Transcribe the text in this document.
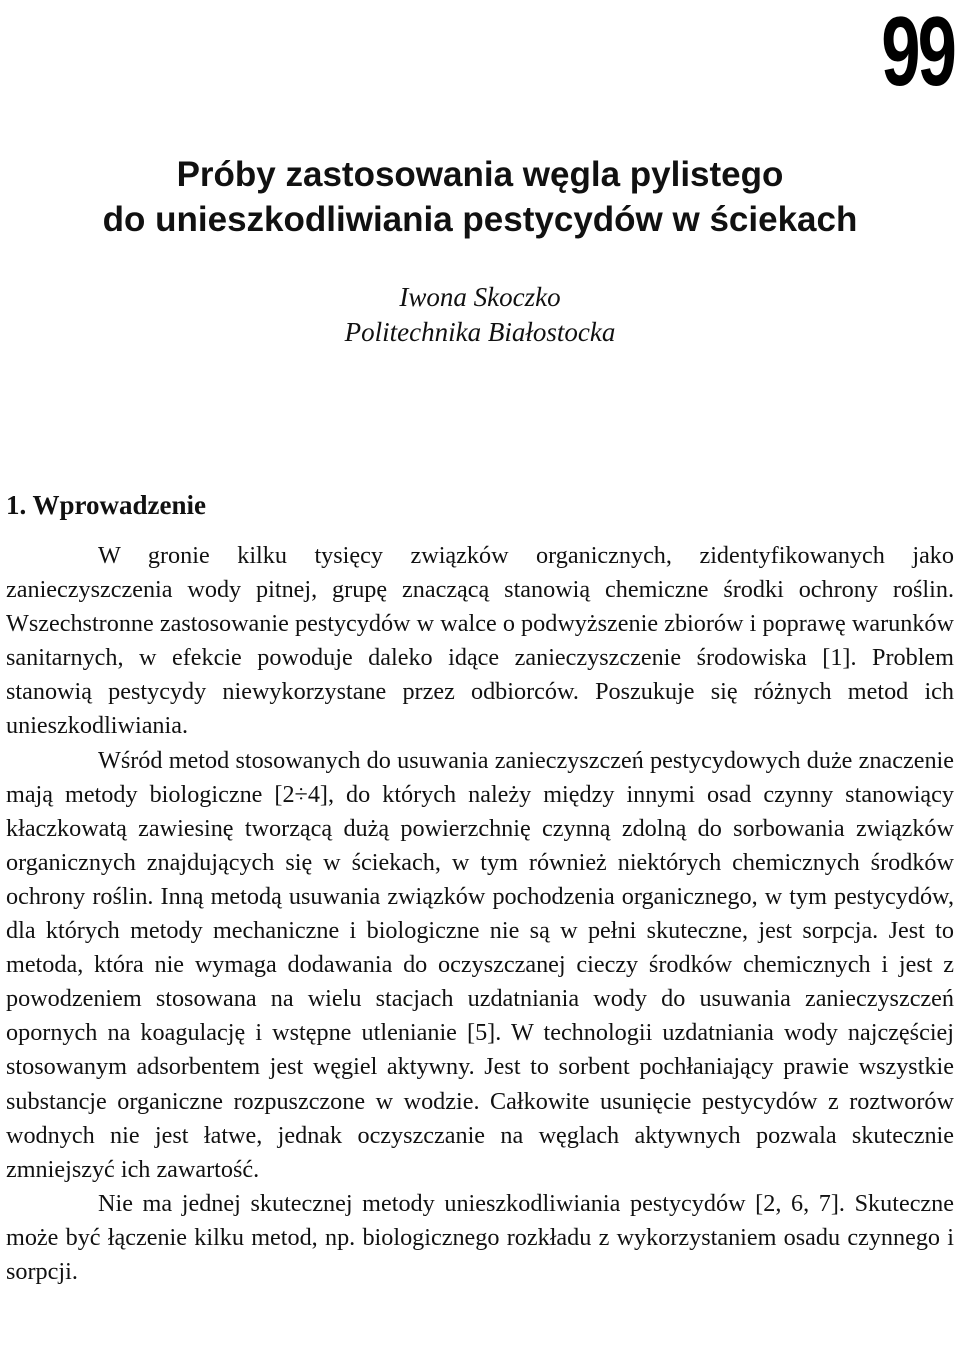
99
Próby zastosowania węgla pylistego
do unieszkodliwiania pestycydów w ściekach
Iwona Skoczko
Politechnika Białostocka
1. Wprowadzenie

W gronie kilku tysięcy związków organicznych, zidentyfikowanych jako zanieczyszczenia wody pitnej, grupę znaczącą stanowią chemiczne środki ochrony roślin. Wszechstronne zastosowanie pestycydów w walce o podwyższenie zbiorów i poprawę warunków sanitarnych, w efekcie powoduje daleko idące zanieczyszczenie środowiska [1]. Problem stanowią pestycydy niewykorzystane przez odbiorców. Poszukuje się różnych metod ich unieszkodliwiania.

Wśród metod stosowanych do usuwania zanieczyszczeń pestycydowych duże znaczenie mają metody biologiczne [2÷4], do których należy między innymi osad czynny stanowiący kłaczkowatą zawiesinę tworzącą dużą powierzchnię czynną zdolną do sorbowania związków organicznych znajdujących się w ściekach, w tym również niektórych chemicznych środków ochrony roślin. Inną metodą usuwania związków pochodzenia organicznego, w tym pestycydów, dla których metody mechaniczne i biologiczne nie są w pełni skuteczne, jest sorpcja. Jest to metoda, która nie wymaga dodawania do oczyszczanej cieczy środków chemicznych i jest z powodzeniem stosowana na wielu stacjach uzdatniania wody do usuwania zanieczyszczeń opornych na koagulację i wstępne utlenianie [5]. W technologii uzdatniania wody najczęściej stosowanym adsorbentem jest węgiel aktywny. Jest to sorbent pochłaniający prawie wszystkie substancje organiczne rozpuszczone w wodzie. Całkowite usunięcie pestycydów z roztworów wodnych nie jest łatwe, jednak oczyszczanie na węglach aktywnych pozwala skutecznie zmniejszyć ich zawartość.

Nie ma jednej skutecznej metody unieszkodliwiania pestycydów [2, 6, 7]. Skuteczne może być łączenie kilku metod, np. biologicznego rozkładu z wykorzystaniem osadu czynnego i sorpcji.
